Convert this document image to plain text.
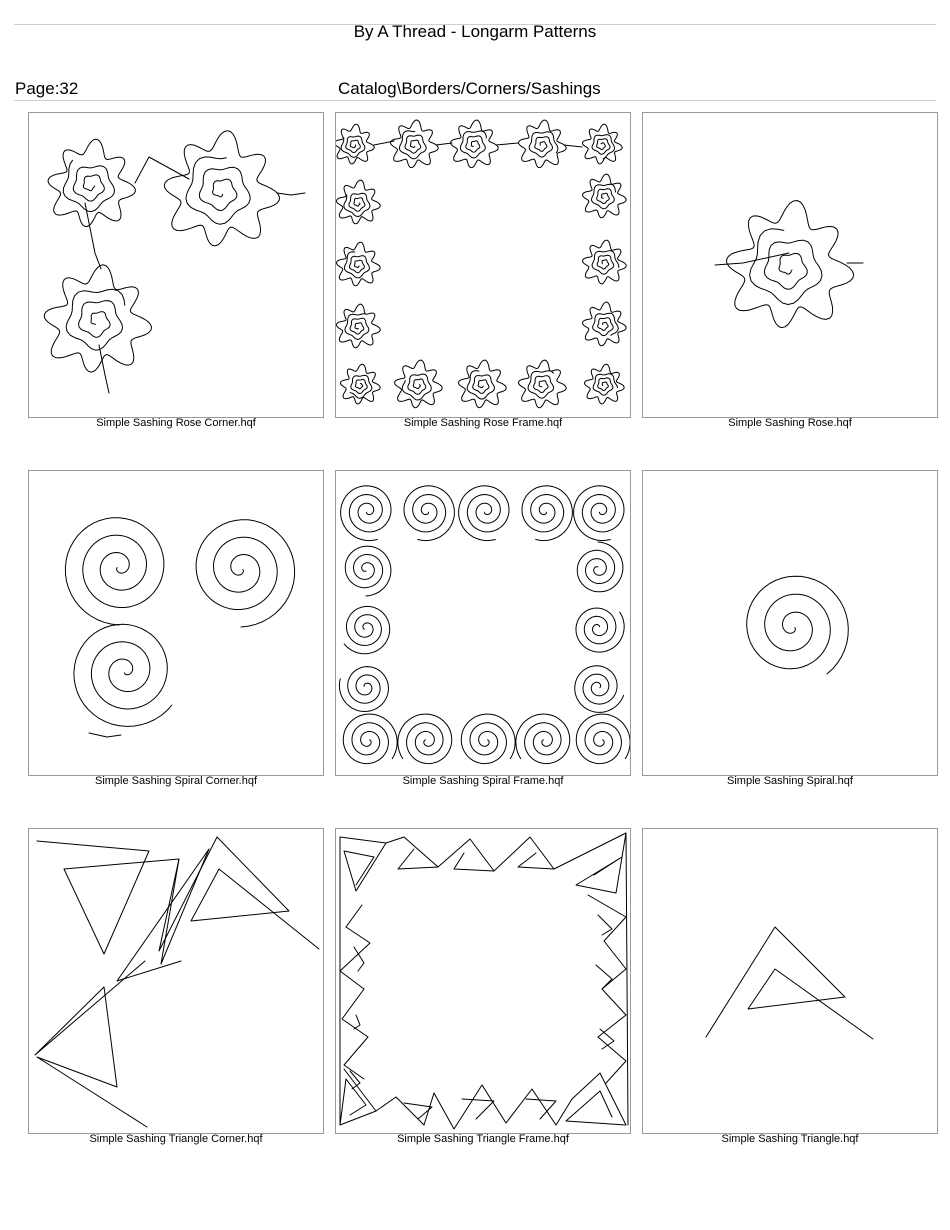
By A Thread - Longarm Patterns
Page:32	Catalog\Borders/Corners/Sashings
Simple Sashing Rose Corner.hqf	Simple Sashing Rose Frame.hqf	Simple Sashing Rose.hqf
Simple Sashing Spiral Corner.hqf	Simple Sashing Spiral Frame.hqf	Simple Sashing Spiral.hqf
Simple Sashing Triangle Corner.hqf	Simple Sashing Triangle Frame.hqf	Simple Sashing Triangle.hqf
